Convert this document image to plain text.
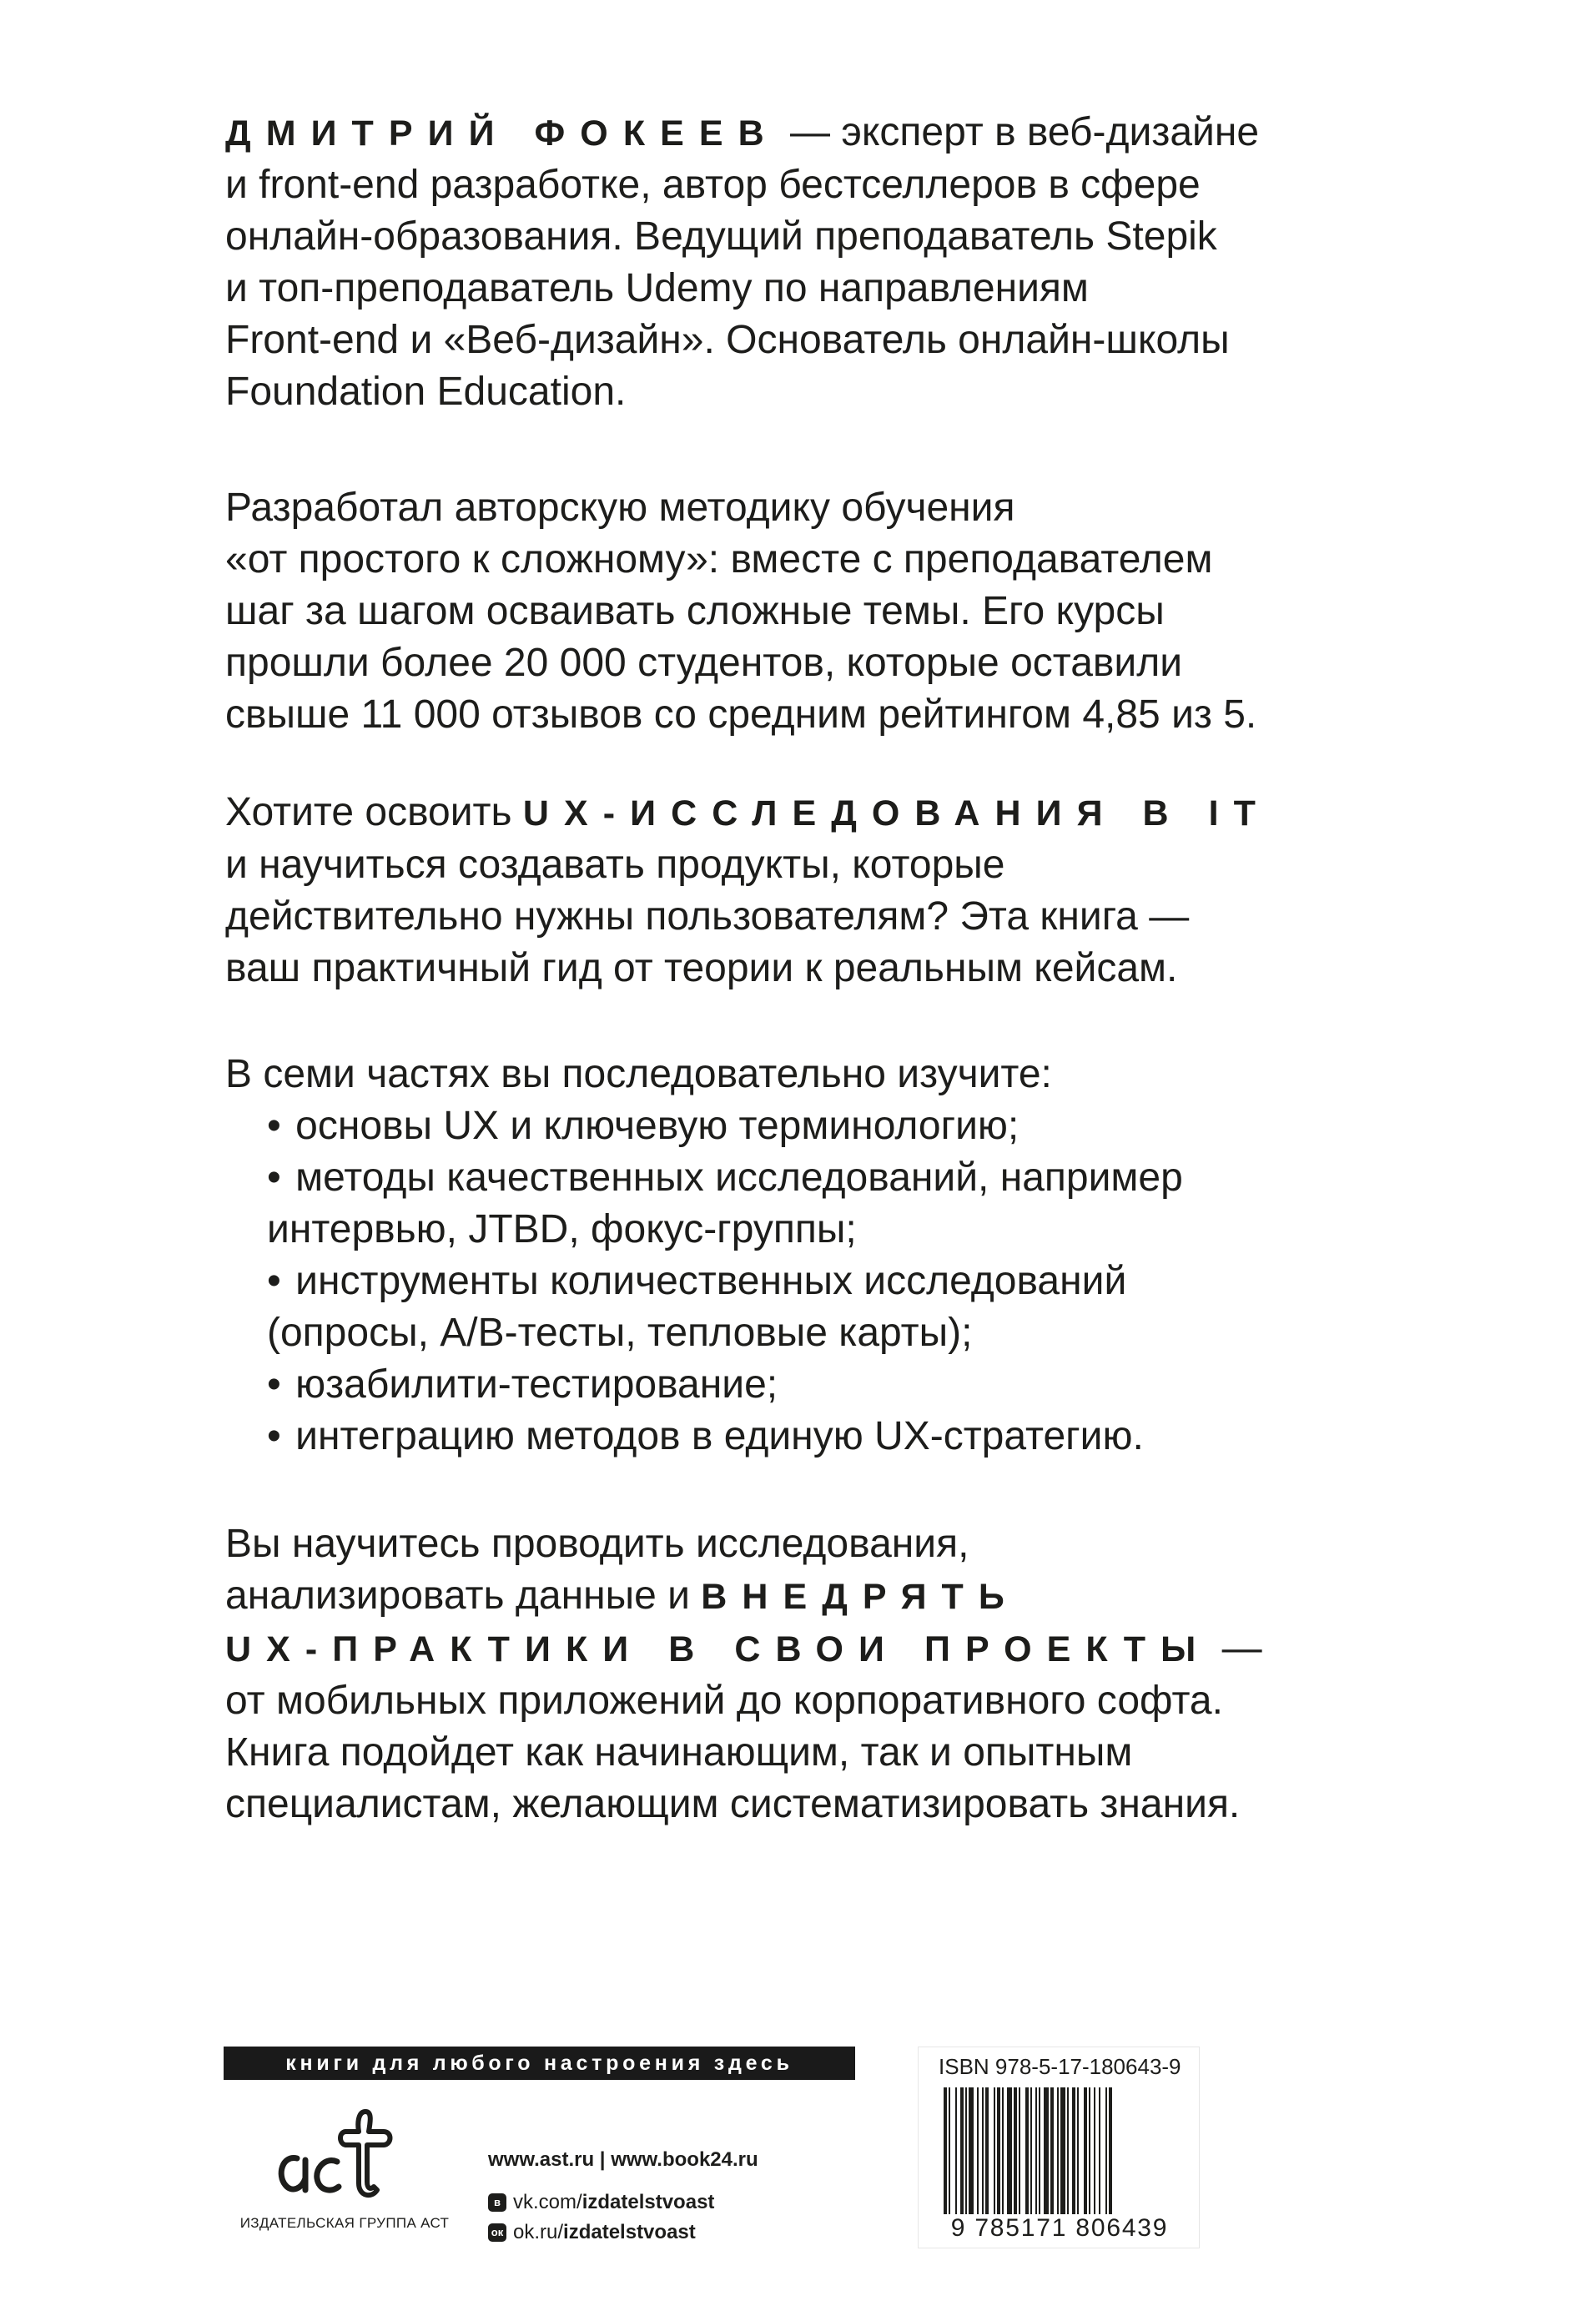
ДМИТРИЙ ФОКЕЕВ — эксперт в веб-дизайне

и front-end разработке, автор бестселлеров в сфере

онлайн-образования. Ведущий преподаватель Stepik

и топ-преподаватель Udemy по направлениям

Front-end и «Веб-дизайн». Основатель онлайн-школы

Foundation Education.

Разработал авторскую методику обучения

«от простого к сложному»: вместе с преподавателем

шаг за шагом осваивать сложные темы. Его курсы

прошли более 20 000 студентов, которые оставили

свыше 11 000 отзывов со средним рейтингом 4,85 из 5.

Хотите освоить UX-ИССЛЕДОВАНИЯ В IT

и научиться создавать продукты, которые

действительно нужны пользователям? Эта книга —

ваш практичный гид от теории к реальным кейсам.

В семи частях вы последовательно изучите:

• основы UX и ключевую терминологию;
• методы качественных исследований, например
интервью, JTBD, фокус-группы;
• инструменты количественных исследований
(опросы, A/B-тесты, тепловые карты);
• юзабилити-тестирование;
• интеграцию методов в единую UX-стратегию.

Вы научитесь проводить исследования,

анализировать данные и ВНЕДРЯТЬ

UX-ПРАКТИКИ В СВОИ ПРОЕКТЫ —

от мобильных приложений до корпоративного софта.

Книга подойдет как начинающим, так и опытным

специалистам, желающим систематизировать знания.

книги для любого настроения здесь
ИЗДАТЕЛЬСКАЯ ГРУППА АСТ
www.ast.ru | www.book24.ru
в vk.com/ izdatelstvoast
ок ok.ru/ izdatelstvoast
ISBN 978-5-17-180643-9
9 785171 806439
